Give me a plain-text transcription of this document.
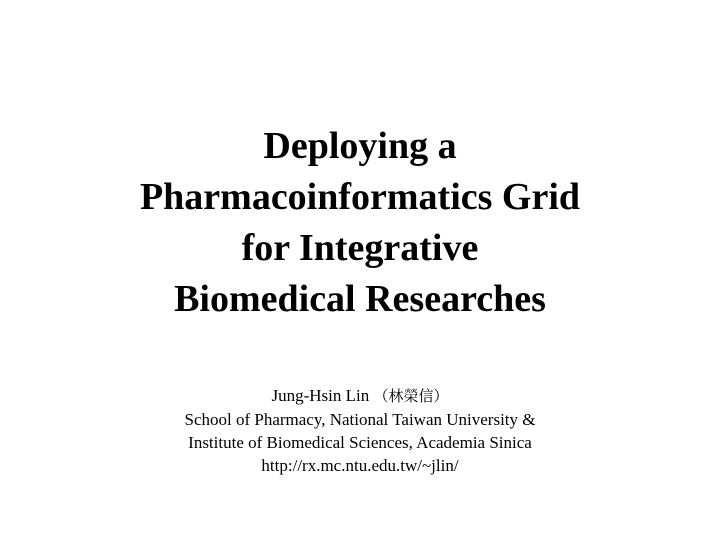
Deploying a
Pharmacoinformatics Grid
for Integrative
Biomedical Researches
Jung-Hsin Lin （林榮信）
School of Pharmacy, National Taiwan University &
Institute of Biomedical Sciences, Academia Sinica
http://rx.mc.ntu.edu.tw/~jlin/
